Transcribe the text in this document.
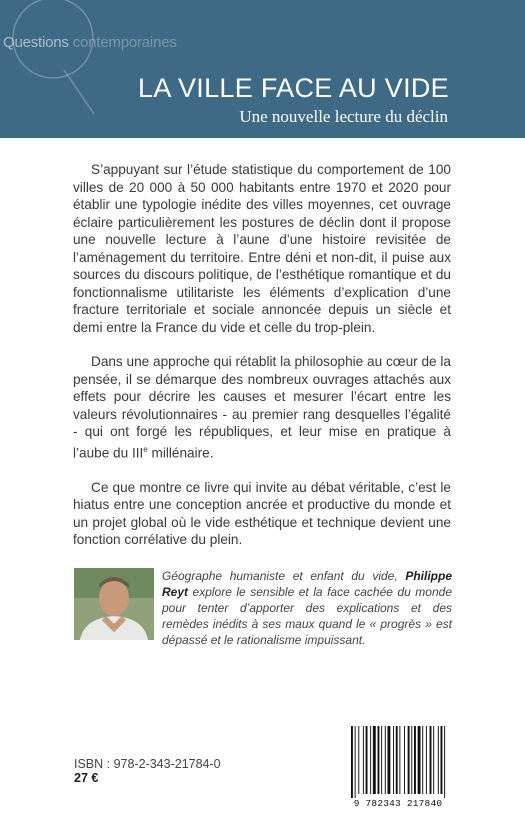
Questions contemporaines
LA VILLE FACE AU VIDE
Une nouvelle lecture du déclin

S’appuyant sur l’étude statistique du comportement de 100 villes de 20 000 à 50 000 habitants entre 1970 et 2020 pour établir une typologie inédite des villes moyennes, cet ouvrage éclaire particulièrement les postures de déclin dont il propose une nouvelle lecture à l’aune d’une histoire revisitée de l’aménagement du territoire. Entre déni et non-dit, il puise aux sources du discours politique, de l’esthétique romantique et du fonctionnalisme utilitariste les éléments d’explication d’une fracture territoriale et sociale annoncée depuis un siècle et demi entre la France du vide et celle du trop-plein.

Dans une approche qui rétablit la philosophie au cœur de la pensée, il se démarque des nombreux ouvrages attachés aux effets pour décrire les causes et mesurer l’écart entre les valeurs révolutionnaires - au premier rang desquelles l’égalité - qui ont forgé les républiques, et leur mise en pratique à l’aube du IIIe millénaire.

Ce que montre ce livre qui invite au débat véritable, c’est le hiatus entre une conception ancrée et productive du monde et un projet global où le vide esthétique et technique devient une fonction corrélative du plein.

Géographe humaniste et enfant du vide, Philippe Reyt explore le sensible et la face cachée du monde pour tenter d’apporter des explications et des remèdes inédits à ses maux quand le « progrès » est dépassé et le rationalisme impuissant.
ISBN : 978-2-343-21784-0
27 €
9 782343 217840
